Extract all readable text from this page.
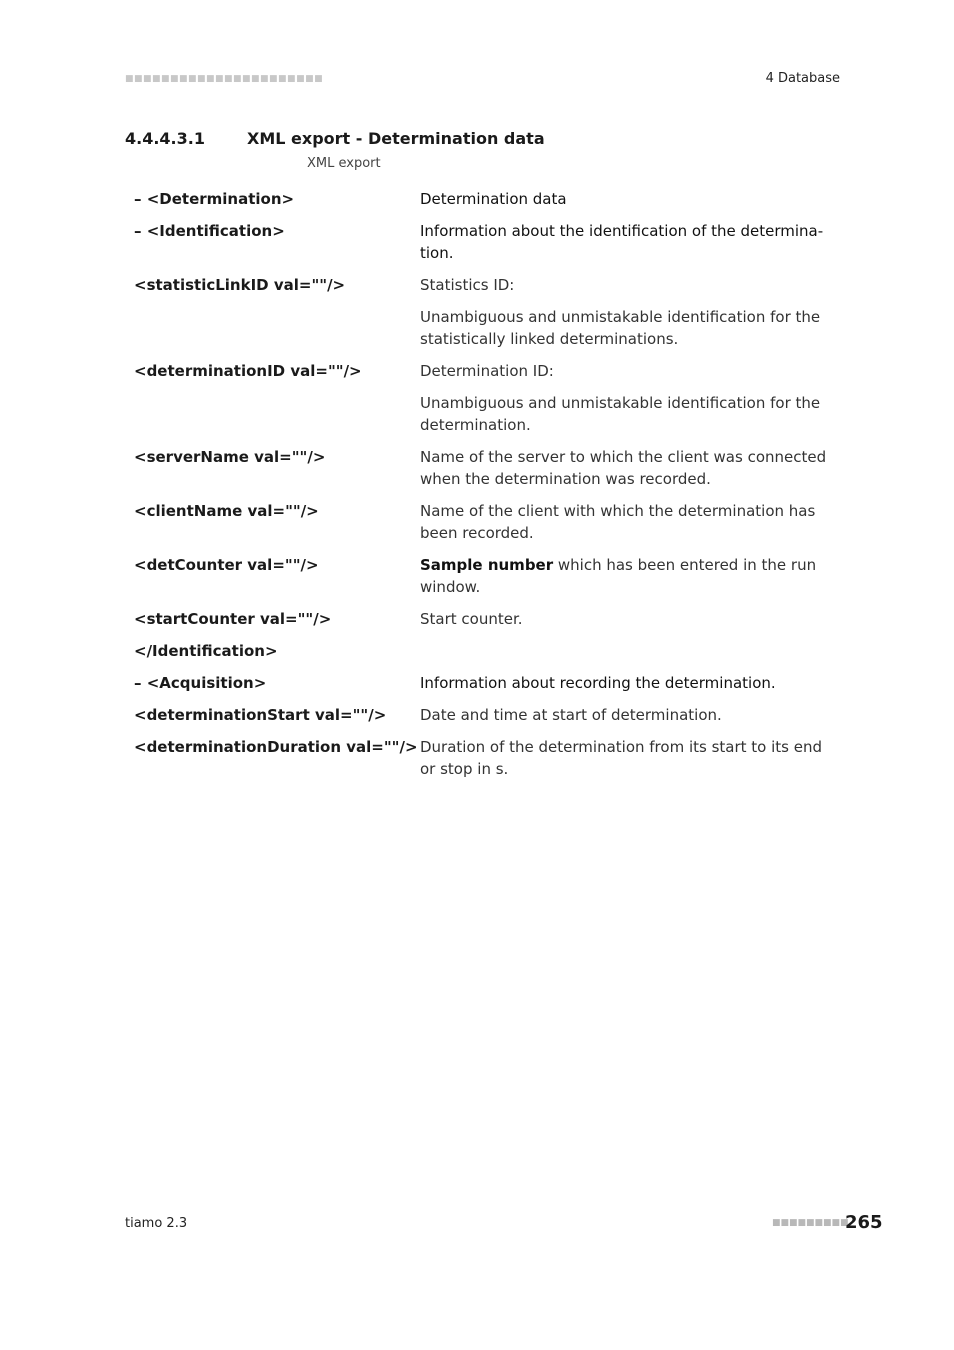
■■■■■■■■■■■■■■■■■■■■■■	4 Database
4.4.4.3.1	XML export - Determination data
XML export
– <Determination>	Determination data
– <Identification>	Information about the identification of the determina-tion.
<statisticLinkID val=""/>	Statistics ID:
Unambiguous and unmistakable identification for the statistically linked determinations.
<determinationID val=""/>	Determination ID:
Unambiguous and unmistakable identification for the determination.
<serverName val=""/>	Name of the server to which the client was connected when the determination was recorded.
<clientName val=""/>	Name of the client with which the determination has been recorded.
<detCounter val=""/>	Sample number which has been entered in the run window.
<startCounter val=""/>	Start counter.
</Identification>
– <Acquisition>	Information about recording the determination.
<determinationStart val=""/>	Date and time at start of determination.
<determinationDuration val=""/> Duration of the determination from its start to its end or stop in s.
tiamo 2.3	■■■■■■■■■
265
